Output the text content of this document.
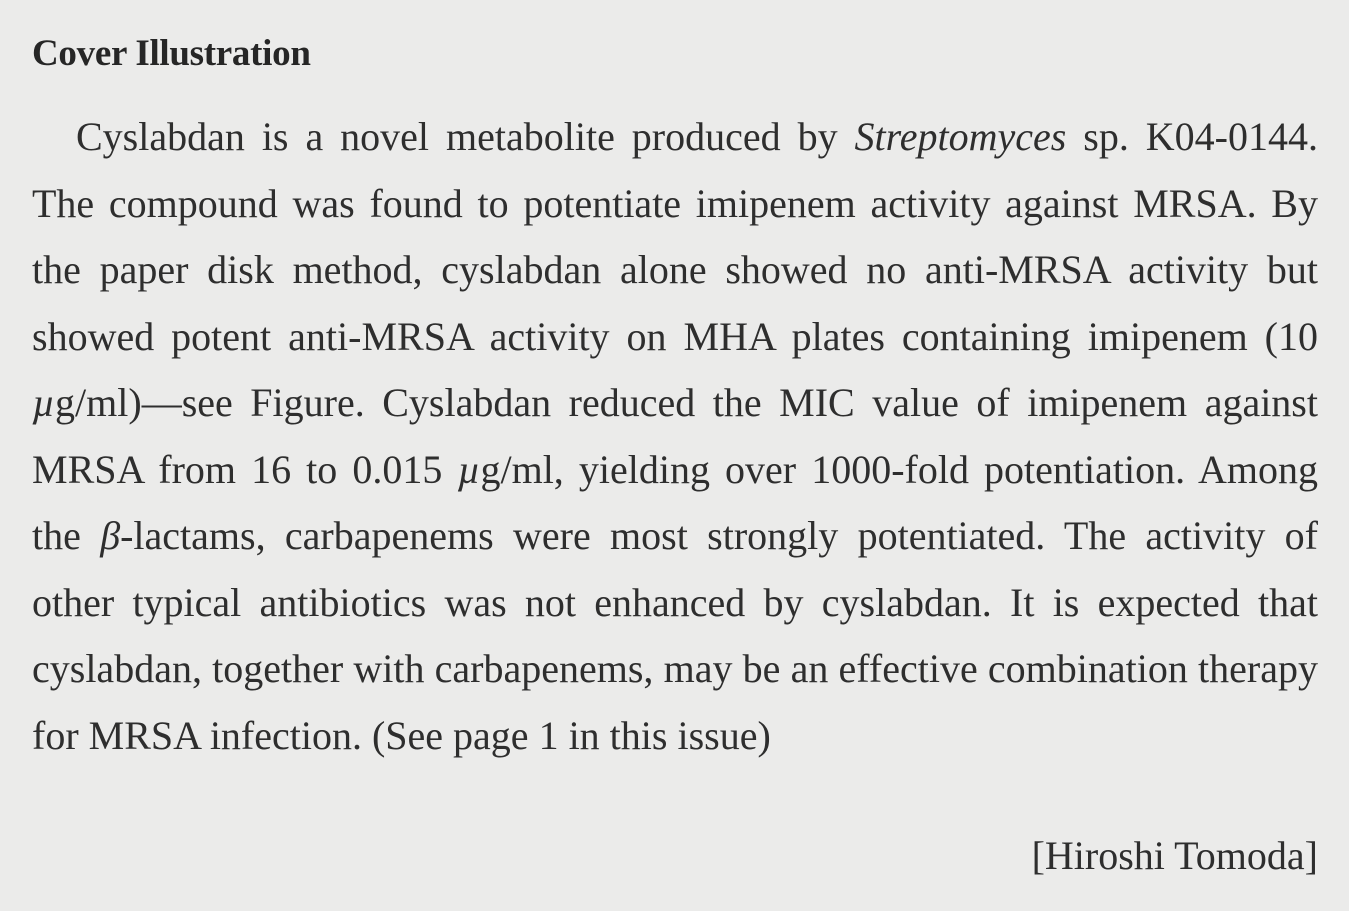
Cover Illustration

Cyslabdan is a novel metabolite produced by Streptomyces sp. K04-0144. The compound was found to potentiate imipenem activity against MRSA. By the paper disk method, cyslabdan alone showed no anti-MRSA activity but showed potent anti-MRSA activity on MHA plates containing imipenem (10 µg/ml)—see Figure. Cyslabdan reduced the MIC value of imipenem against MRSA from 16 to 0.015 µg/ml, yielding over 1000-fold potentiation. Among the β-lactams, carbapenems were most strongly potentiated. The activity of other typical antibiotics was not enhanced by cyslabdan. It is expected that cyslabdan, together with carbapenems, may be an effective combination therapy for MRSA infection. (See page 1 in this issue)

[Hiroshi Tomoda]
